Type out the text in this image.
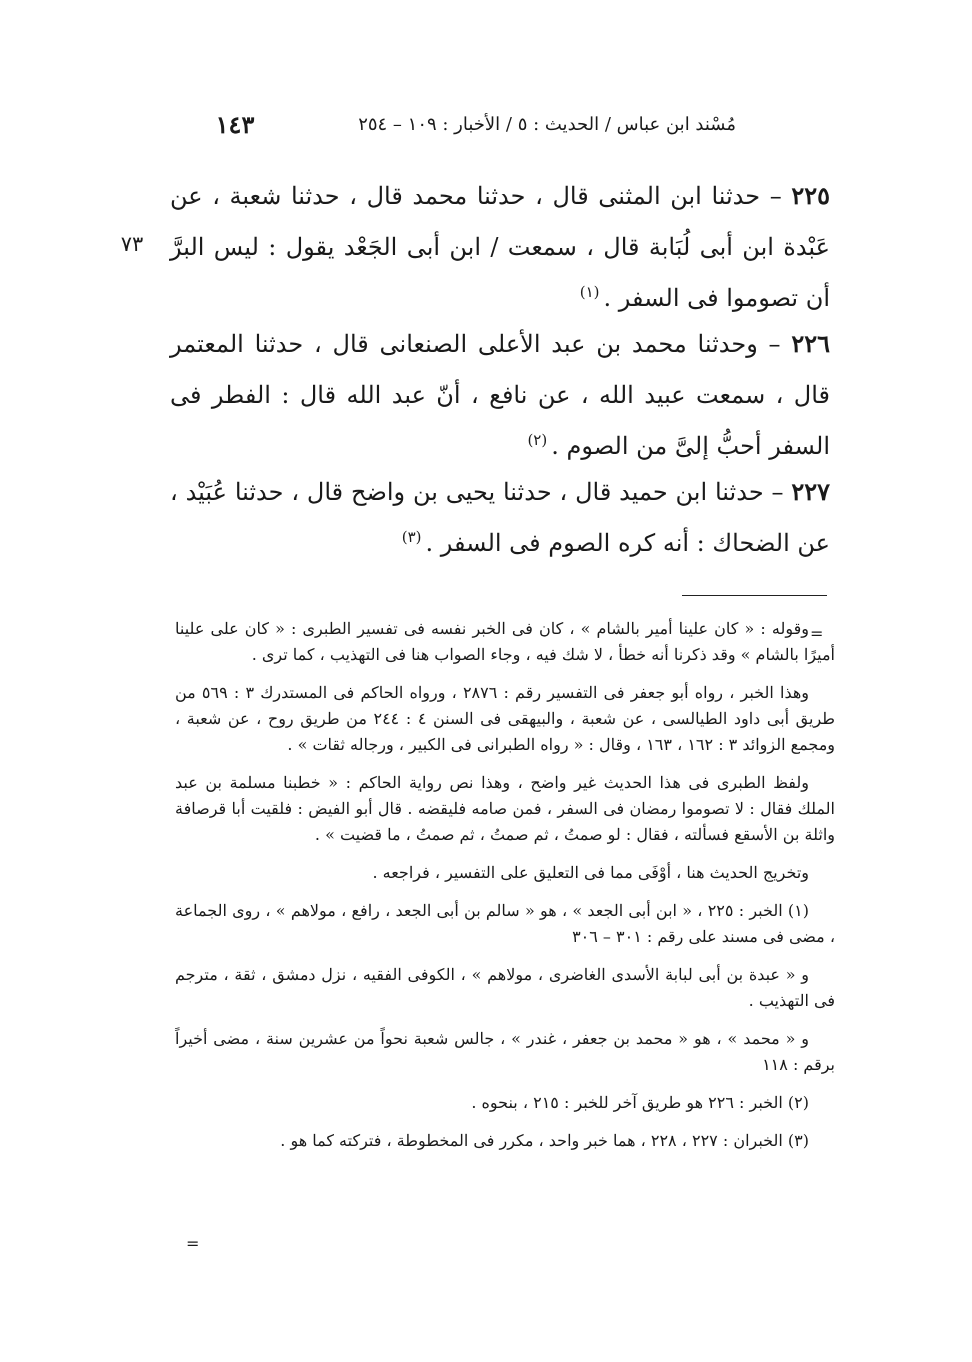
١٤٣	مُسْند ابن عباس / الحديث : ٥ / الأخبار : ١٠٩ – ٢٥٤
٧٣
٢٢٥ – حدثنا ابن المثنى قال ، حدثنا محمد قال ، حدثنا شعبة ، عن عَبْدة ابن أبى لُبَابة قال ، سمعت / ابن أبى الجَعْد يقول : ليس البرَّ أن تصوموا فى السفر .$^{(١)}$
٢٢٦ – وحدثنا محمد بن عبد الأعلى الصنعانى قال ، حدثنا المعتمر قال ، سمعت عبيد الله ، عن نافع ، أنّ عبد الله قال : الفطر فى السفر أحبُّ إلىَّ من الصوم .$^{(٢)}$
٢٢٧ – حدثنا ابن حميد قال ، حدثنا يحيى بن واضح قال ، حدثنا عُبَيْد ، عن الضحاك : أنه كره الصوم فى السفر .$^{(٣)}$
=

وقوله : « كان علينا أمير بالشام » ، كان فى الخبر نفسه فى تفسير الطبرى : « كان على علينا أميرًا بالشام » وقد ذكرنا أنه خطأ ، لا شك فيه ، وجاء الصواب هنا فى التهذيب ، كما ترى .

وهذا الخبر ، رواه أبو جعفر فى التفسير رقم : ٢٨٧٦ ، ورواه الحاكم فى المستدرك ٣ : ٥٦٩ من طريق أبى داود الطيالسى ، عن شعبة ، والبيهقى فى السنن ٤ : ٢٤٤ من طريق روح ، عن شعبة ، ومجمع الزوائد ٣ : ١٦٢ ، ١٦٣ ، وقال : « رواه الطبرانى فى الكبير ، ورجاله ثقات » .

ولفظ الطبرى فى هذا الحديث غير واضح ، وهذا نص رواية الحاكم : « خطبنا مسلمة بن عبد الملك فقال : لا تصوموا رمضان فى السفر ، فمن صامه فليقضه . قال أبو الفيض : فلقيت أبا قرصافة واثلة بن الأسقع فسألته ، فقال : لو صمتُ ، ثم صمتُ ، ثم صمتُ ، ما قضيت » .

وتخريج الحديث هنا ، أوْفَى مما فى التعليق على التفسير ، فراجعه .

(١) الخبر : ٢٢٥ ، « ابن أبى الجعد » ، هو « سالم بن أبى الجعد ، رافع ، مولاهم » ، روى الجماعة ، مضى فى مسند على رقم : ٣٠١ – ٣٠٦

و « عبدة بن أبى لبابة الأسدى الغاضرى ، مولاهم » ، الكوفى الفقيه ، نزل دمشق ، ثقة ، مترجم فى التهذيب .

و « محمد » ، هو « محمد بن جعفر ، غندر » ، جالس شعبة نحواً من عشرين سنة ، مضى أخيراً برقم : ١١٨

(٢) الخبر : ٢٢٦ هو طريق آخر للخبر : ٢١٥ ، بنحوه .

(٣) الخبران : ٢٢٧ ، ٢٢٨ ، هما خبر واحد ، مكرر فى المخطوطة ، فتركته كما هو .

=
